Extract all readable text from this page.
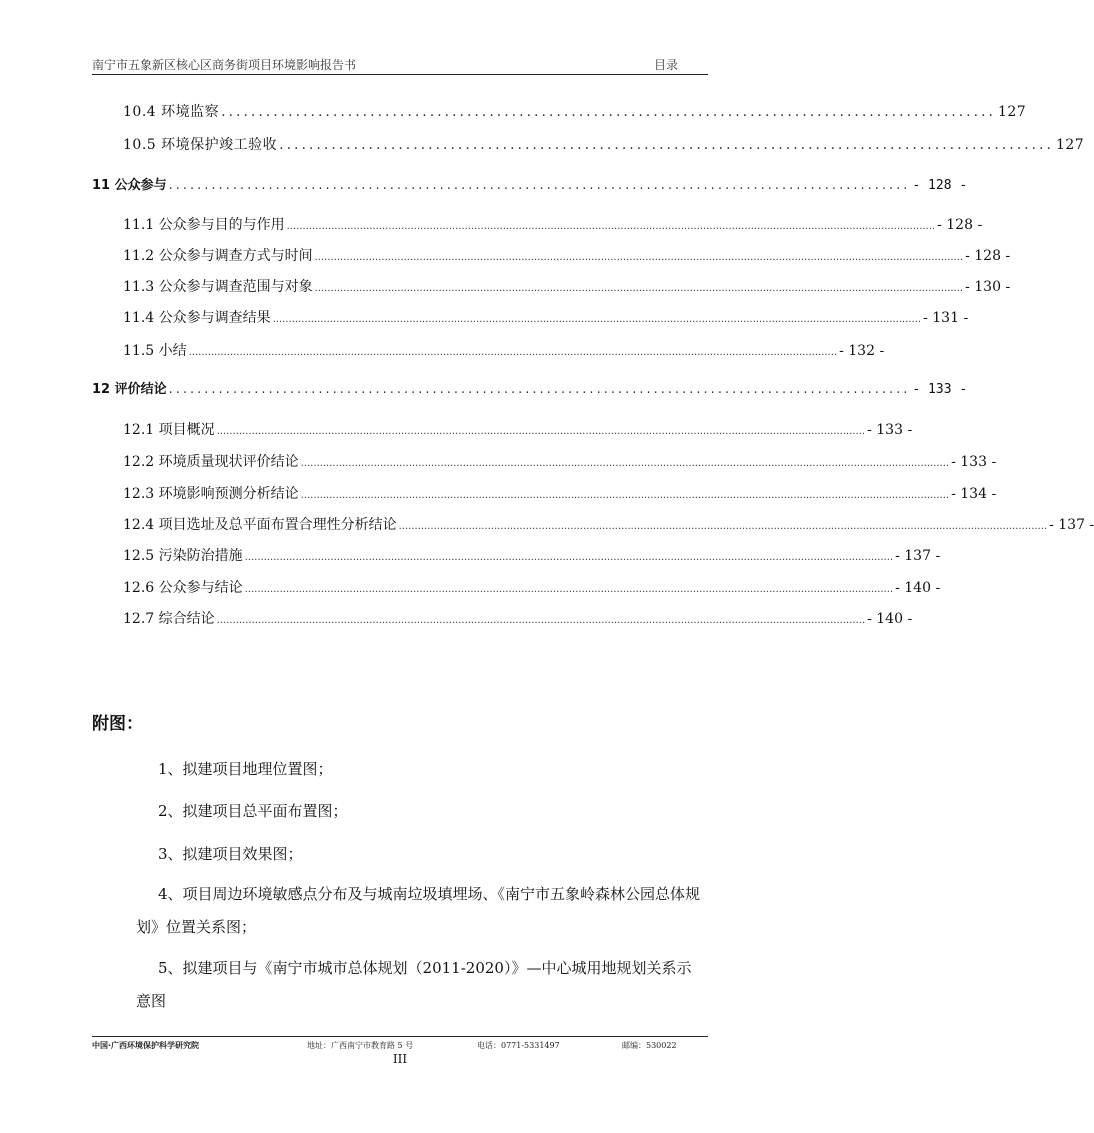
南宁市五象新区核心区商务街项目环境影响报告书	目录
10.4 环境监察 ........................................................................................................ 127
10.5 环境保护竣工验收 ........................................................................................................ 127
11 公众参与 ........................................................................................................ - 128 -
11.1 公众参与目的与作用 ............................................................................................................................................................................................................ - 128 -
11.2 公众参与调查方式与时间 ............................................................................................................................................................................................................ - 128 -
11.3 公众参与调查范围与对象 ............................................................................................................................................................................................................ - 130 -
11.4 公众参与调查结果 ............................................................................................................................................................................................................ - 131 -
11.5 小结 ............................................................................................................................................................................................................ - 132 -
12 评价结论 ........................................................................................................ - 133 -
12.1 项目概况 ............................................................................................................................................................................................................ - 133 -
12.2 环境质量现状评价结论 ............................................................................................................................................................................................................ - 133 -
12.3 环境影响预测分析结论 ............................................................................................................................................................................................................ - 134 -
12.4 项目选址及总平面布置合理性分析结论 ............................................................................................................................................................................................................ - 137 -
12.5 污染防治措施 ............................................................................................................................................................................................................ - 137 -
12.6 公众参与结论 ............................................................................................................................................................................................................ - 140 -
12.7 综合结论 ............................................................................................................................................................................................................ - 140 -
附图：
1、拟建项目地理位置图；
2、拟建项目总平面布置图；
3、拟建项目效果图；
4、项目周边环境敏感点分布及与城南垃圾填埋场、《南宁市五象岭森林公园总体规划》位置关系图；
5、拟建项目与《南宁市城市总体规划（2011-2020）》—中心城用地规划关系示意图
中国·广西环境保护科学研究院	地址：广西南宁市教育路 5 号	电话：0771-5331497	邮编：530022
III
